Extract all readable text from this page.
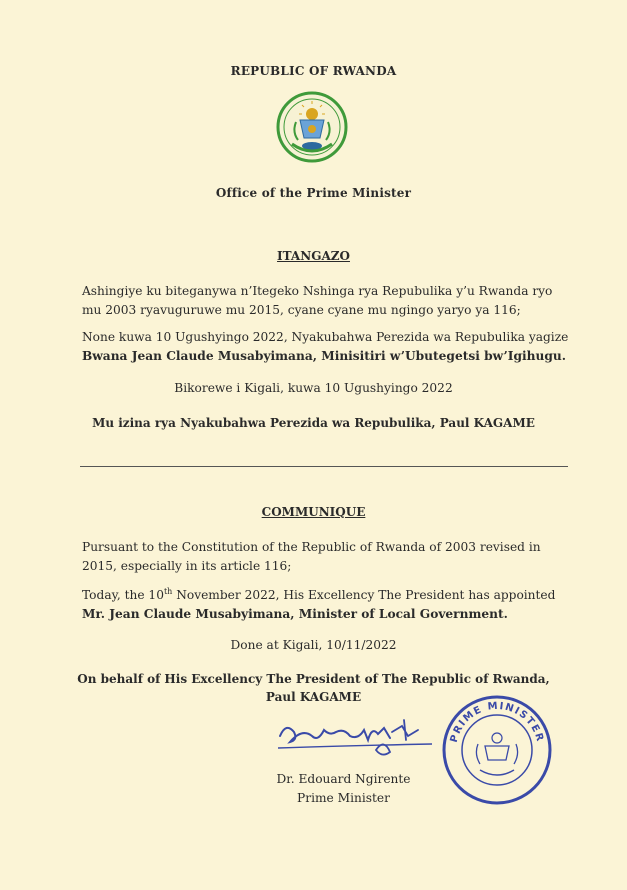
REPUBLIC OF RWANDA
Office of the Prime Minister
ITANGAZO
Ashingiye ku biteganywa n’Itegeko Nshinga rya Repubulika y’u Rwanda ryo mu 2003 ryavuguruwe mu 2015, cyane cyane mu ngingo yaryo ya 116;
None kuwa 10 Ugushyingo 2022, Nyakubahwa Perezida wa Repubulika yagize
Bwana Jean Claude Musabyimana, Minisitiri w’Ubutegetsi bw’Igihugu.
Bikorewe i Kigali, kuwa 10 Ugushyingo 2022
Mu izina rya Nyakubahwa Perezida wa Repubulika, Paul KAGAME
COMMUNIQUE
Pursuant to the Constitution of the Republic of Rwanda of 2003 revised in 2015, especially in its article 116;
Today, the 10th November 2022, His Excellency The President has appointed
Mr. Jean Claude Musabyimana, Minister of Local Government.
Done at Kigali, 10/11/2022
On behalf of His Excellency The President of The Republic of Rwanda,
Paul KAGAME
PRIME MINISTER
Dr. Edouard Ngirente
Prime Minister
